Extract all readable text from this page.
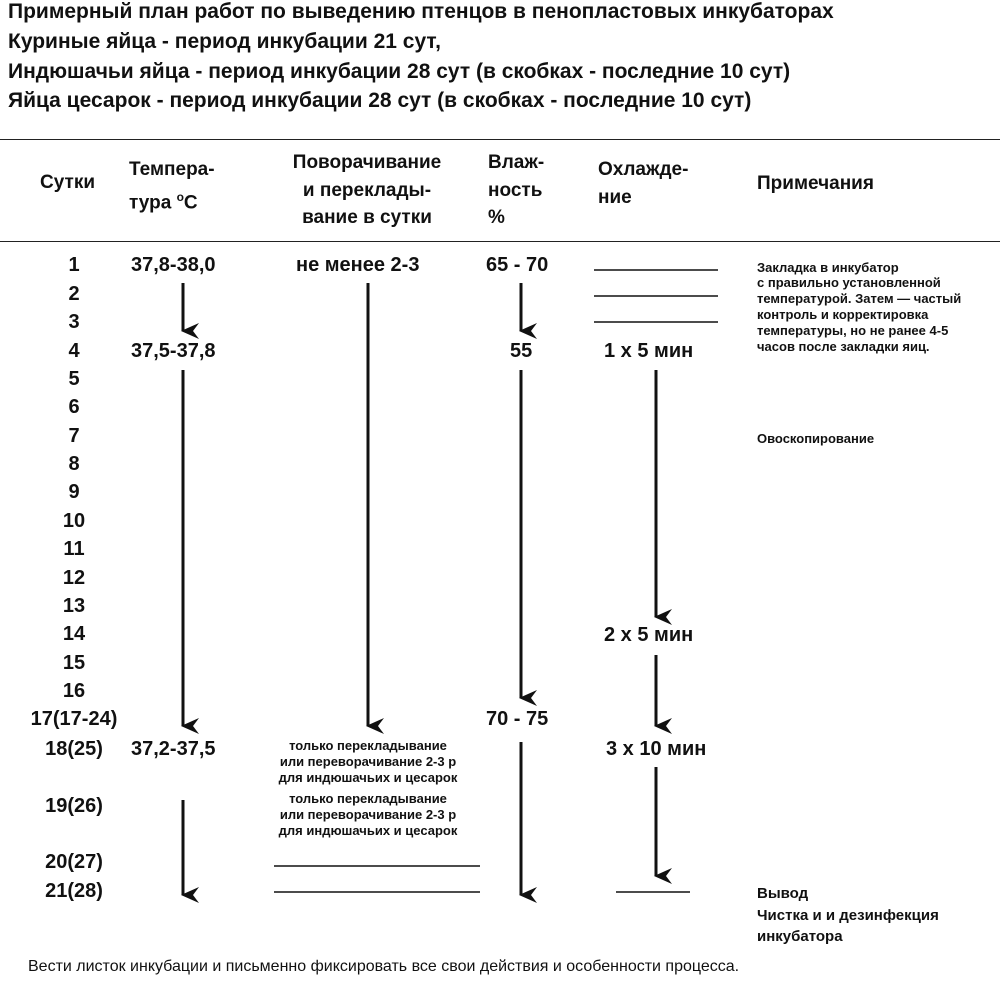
Примерный план работ по выведению птенцов в пенопластовых инкубаторах
Куриные яйца - период инкубации 21 сут,
Индюшачьи яйца - период инкубации 28 сут (в скобках - последние 10 сут)
Яйца цесарок - период инкубации 28 сут (в скобках - последние 10 сут)
Сутки
Темпера-
тура $^o$C
Поворачивание
и переклады-
вание в сутки
Влаж-
ность
%
Охлажде-
ние
Примечания
1
2
3
4
5
6
7
8
9
10
11
12
13
14
15
16
17(17-24)
18(25)
19(26)
20(27)
21(28)
37,8-38,0
37,5-37,8
37,2-37,5
не менее 2-3
только перекладывание
или переворачивание 2-3 р
для индюшачьих и цесарок
только перекладывание
или переворачивание 2-3 р
для индюшачьих и цесарок
65 - 70
55
70 - 75
1 х 5 мин
2 х 5 мин
3 х 10 мин
Закладка в инкубатор
с правильно установленной
температурой. Затем — частый
контроль и корректировка
температуры, но не ранее 4-5
часов после закладки яиц.
Овоскопирование
Вывод
Чистка и и дезинфекция
инкубатора
Вести листок инкубации и письменно фиксировать все свои действия и особенности процесса.
